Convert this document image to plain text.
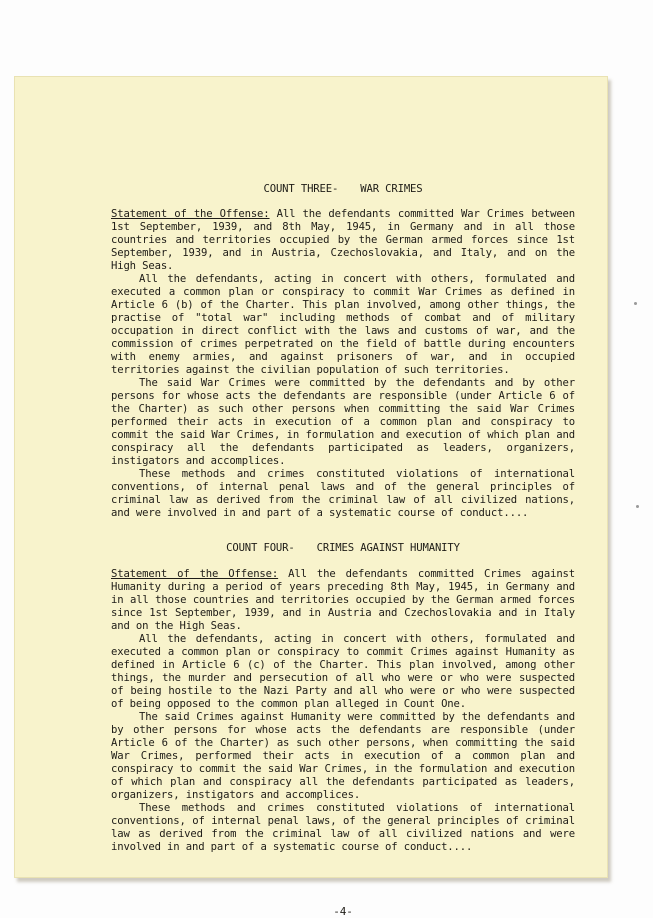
COUNT THREE- WAR CRIMES

Statement of the Offense: All the defendants committed War Crimes between 1st September, 1939, and 8th May, 1945, in Germany and in all those countries and territories occupied by the German armed forces since 1st September, 1939, and in Austria, Czechoslovakia, and Italy, and on the High Seas.

All the defendants, acting in concert with others, formulated and executed a common plan or conspiracy to commit War Crimes as defined in Article 6 (b) of the Charter. This plan involved, among other things, the practise of "total war" including methods of combat and of military occupation in direct conflict with the laws and customs of war, and the commission of crimes perpetrated on the field of battle during encounters with enemy armies, and against prisoners of war, and in occupied territories against the civilian population of such territories.

The said War Crimes were committed by the defendants and by other persons for whose acts the defendants are responsible (under Article 6 of the Charter) as such other persons when committing the said War Crimes performed their acts in execution of a common plan and conspiracy to commit the said War Crimes, in formulation and execution of which plan and conspiracy all the defendants participated as leaders, organizers, instigators and accomplices.

These methods and crimes constituted violations of international conventions, of internal penal laws and of the general principles of criminal law as derived from the criminal law of all civilized nations, and were involved in and part of a systematic course of conduct....

COUNT FOUR- CRIMES AGAINST HUMANITY

Statement of the Offense: All the defendants committed Crimes against Humanity during a period of years preceding 8th May, 1945, in Germany and in all those countries and territories occupied by the German armed forces since 1st September, 1939, and in Austria and Czechoslovakia and in Italy and on the High Seas.

All the defendants, acting in concert with others, formulated and executed a common plan or conspiracy to commit Crimes against Humanity as defined in Article 6 (c) of the Charter. This plan involved, among other things, the murder and persecution of all who were or who were suspected of being hostile to the Nazi Party and all who were or who were suspected of being opposed to the common plan alleged in Count One.

The said Crimes against Humanity were committed by the defendants and by other persons for whose acts the defendants are responsible (under Article 6 of the Charter) as such other persons, when committing the said War Crimes, performed their acts in execution of a common plan and conspiracy to commit the said War Crimes, in the formulation and execution of which plan and conspiracy all the defendants participated as leaders, organizers, instigators and accomplices.

These methods and crimes constituted violations of international conventions, of internal penal laws, of the general principles of criminal law as derived from the criminal law of all civilized nations and were involved in and part of a systematic course of conduct....

-4-
